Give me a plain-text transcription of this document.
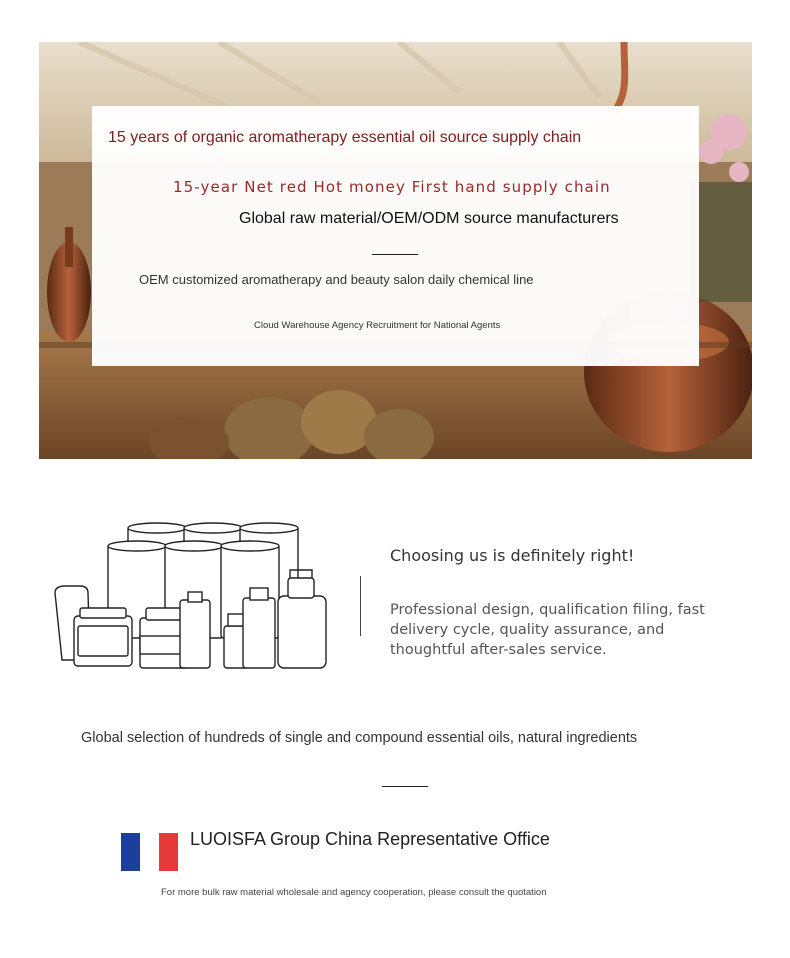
15 years of organic aromatherapy essential oil source supply chain
15-year Net red Hot money First hand supply chain
Global raw material/OEM/ODM source manufacturers
OEM customized aromatherapy and beauty salon daily chemical line
Cloud Warehouse Agency Recruitment for National Agents
Choosing us is definitely right!
Professional design, qualification filing, fast delivery cycle, quality assurance, and thoughtful after-sales service.
Global selection of hundreds of single and compound essential oils, natural ingredients
LUOISFA Group China Representative Office
For more bulk raw material wholesale and agency cooperation, please consult the quotation
